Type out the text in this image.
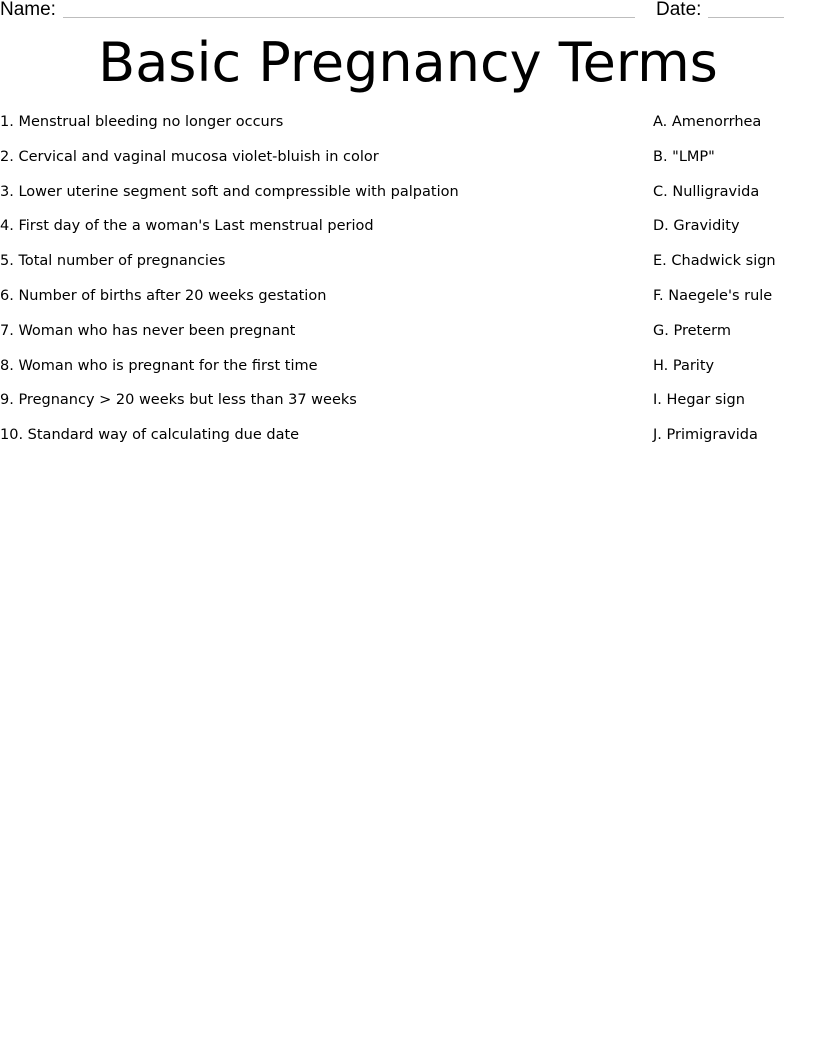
Name:	Date:
Basic Pregnancy Terms
1. Menstrual bleeding no longer occurs
2. Cervical and vaginal mucosa violet-bluish in color
3. Lower uterine segment soft and compressible with palpation
4. First day of the a woman's Last menstrual period
5. Total number of pregnancies
6. Number of births after 20 weeks gestation
7. Woman who has never been pregnant
8. Woman who is pregnant for the first time
9. Pregnancy > 20 weeks but less than 37 weeks
10. Standard way of calculating due date
A. Amenorrhea
B. "LMP"
C. Nulligravida
D. Gravidity
E. Chadwick sign
F. Naegele's rule
G. Preterm
H. Parity
I. Hegar sign
J. Primigravida
